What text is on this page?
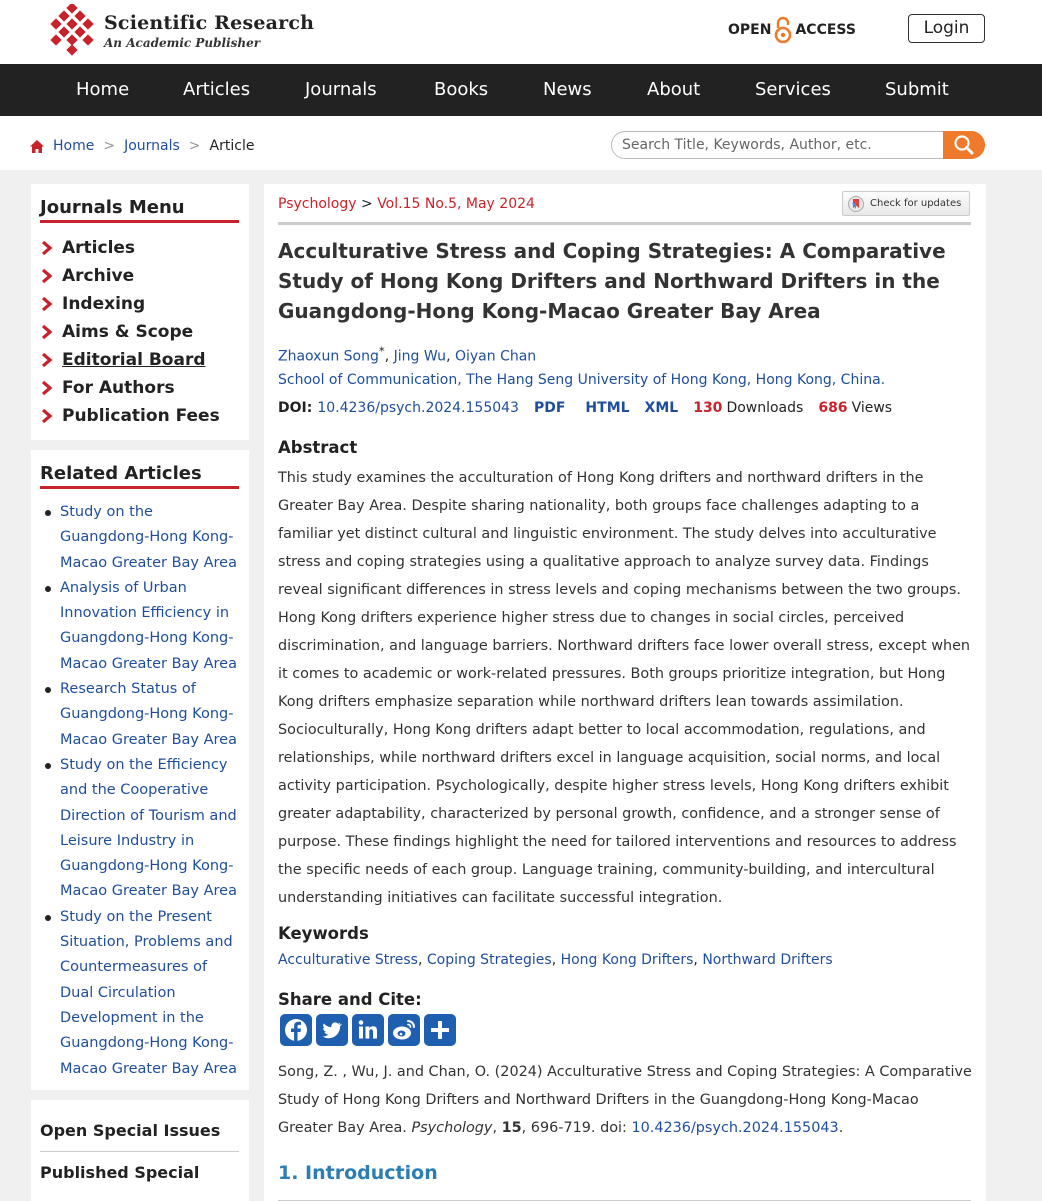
Scientific Research
An Academic Publisher
OPEN ACCESS	Login
Home	Articles	Journals	Books	News	About	Services	Submit
Home > Journals > Article
Search Title, Keywords, Author, etc.
Journals Menu
Articles
Archive
Indexing
Aims & Scope
Editorial Board
For Authors
Publication Fees
Related Articles
Study on the Guangdong-Hong Kong-Macao Greater Bay Area
Analysis of Urban Innovation Efficiency in Guangdong-Hong Kong-Macao Greater Bay Area
Research Status of Guangdong-Hong Kong-Macao Greater Bay Area
Study on the Efficiency and the Cooperative Direction of Tourism and Leisure Industry in Guangdong-Hong Kong-Macao Greater Bay Area
Study on the Present Situation, Problems and Countermeasures of Dual Circulation Development in the Guangdong-Hong Kong-Macao Greater Bay Area
Open Special Issues
Published Special
Psychology > Vol.15 No.5, May 2024	Check for updates
Acculturative Stress and Coping Strategies: A Comparative Study of Hong Kong Drifters and Northward Drifters in the Guangdong-Hong Kong-Macao Greater Bay Area
Zhaoxun Song*, Jing Wu, Oiyan Chan
School of Communication, The Hang Seng University of Hong Kong, Hong Kong, China.
DOI: 10.4236/psych.2024.155043 PDF HTML XML 130 Downloads 686 Views
Abstract
This study examines the acculturation of Hong Kong drifters and northward drifters in the Greater Bay Area. Despite sharing nationality, both groups face challenges adapting to a familiar yet distinct cultural and linguistic environment. The study delves into acculturative stress and coping strategies using a qualitative approach to analyze survey data. Findings reveal significant differences in stress levels and coping mechanisms between the two groups. Hong Kong drifters experience higher stress due to changes in social circles, perceived discrimination, and language barriers. Northward drifters face lower overall stress, except when it comes to academic or work-related pressures. Both groups prioritize integration, but Hong Kong drifters emphasize separation while northward drifters lean towards assimilation. Socioculturally, Hong Kong drifters adapt better to local accommodation, regulations, and relationships, while northward drifters excel in language acquisition, social norms, and local activity participation. Psychologically, despite higher stress levels, Hong Kong drifters exhibit greater adaptability, characterized by personal growth, confidence, and a stronger sense of purpose. These findings highlight the need for tailored interventions and resources to address the specific needs of each group. Language training, community-building, and intercultural understanding initiatives can facilitate successful integration.
Keywords
Acculturative Stress, Coping Strategies, Hong Kong Drifters, Northward Drifters
Share and Cite:
Song, Z. , Wu, J. and Chan, O. (2024) Acculturative Stress and Coping Strategies: A Comparative Study of Hong Kong Drifters and Northward Drifters in the Guangdong-Hong Kong-Macao Greater Bay Area. Psychology, 15, 696-719. doi: 10.4236/psych.2024.155043.
1. Introduction
